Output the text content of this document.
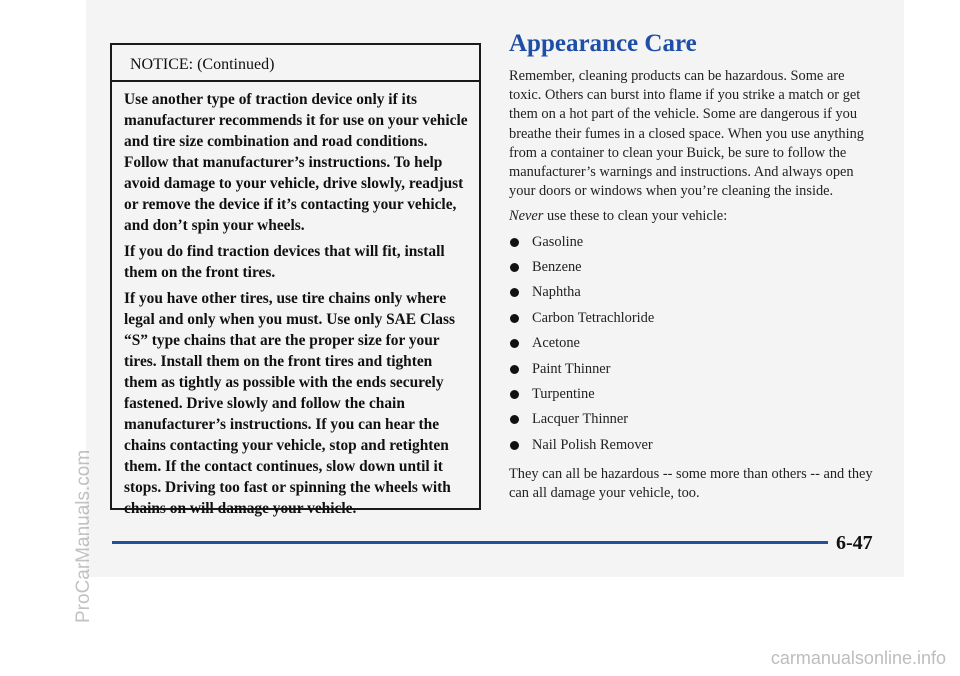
NOTICE: (Continued)

Use another type of traction device only if its manufacturer recommends it for use on your vehicle and tire size combination and road conditions. Follow that manufacturer’s instructions. To help avoid damage to your vehicle, drive slowly, readjust or remove the device if it’s contacting your vehicle, and don’t spin your wheels.

If you do find traction devices that will fit, install them on the front tires.

If you have other tires, use tire chains only where legal and only when you must. Use only SAE Class “S” type chains that are the proper size for your tires. Install them on the front tires and tighten them as tightly as possible with the ends securely fastened. Drive slowly and follow the chain manufacturer’s instructions. If you can hear the chains contacting your vehicle, stop and retighten them. If the contact continues, slow down until it stops. Driving too fast or spinning the wheels with chains on will damage your vehicle.

Appearance Care

Remember, cleaning products can be hazardous. Some are toxic. Others can burst into flame if you strike a match or get them on a hot part of the vehicle. Some are dangerous if you breathe their fumes in a closed space. When you use anything from a container to clean your Buick, be sure to follow the manufacturer’s warnings and instructions. And always open your doors or windows when you’re cleaning the inside.

Never use these to clean your vehicle:

Gasoline
Benzene
Naphtha
Carbon Tetrachloride
Acetone
Paint Thinner
Turpentine
Lacquer Thinner
Nail Polish Remover

They can all be hazardous -- some more than others -- and they can all damage your vehicle, too.

6-47
ProCarManuals.com
carmanualsonline.info
